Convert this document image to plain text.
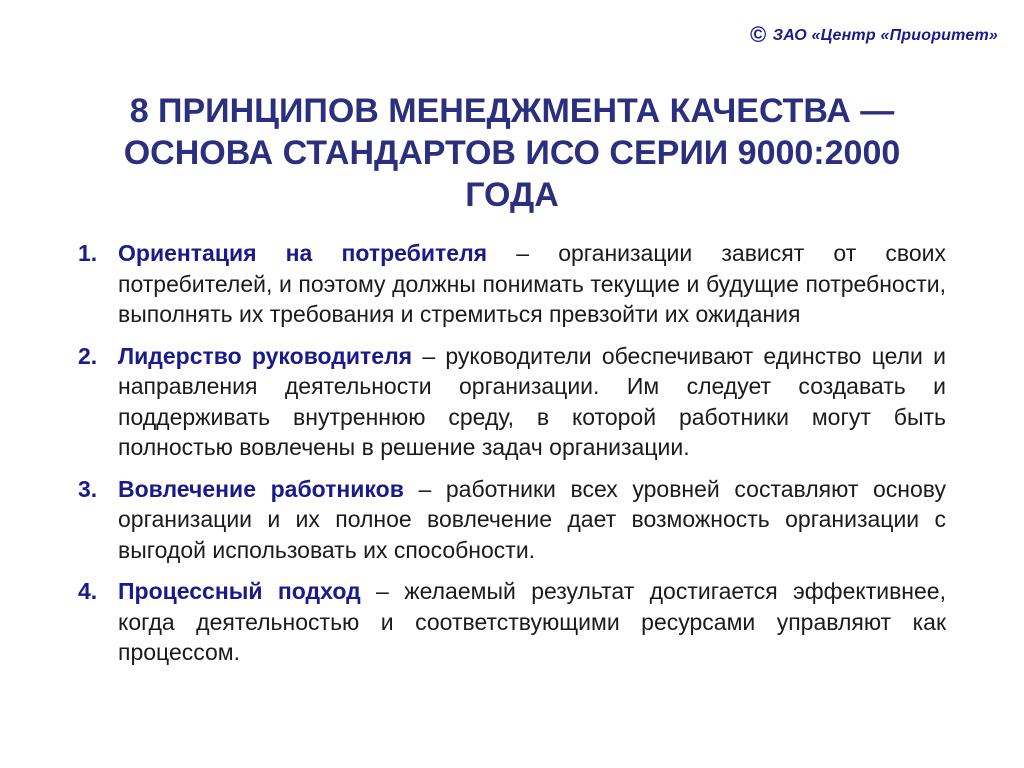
© ЗАО «Центр «Приоритет»
8 ПРИНЦИПОВ МЕНЕДЖМЕНТА КАЧЕСТВА —
ОСНОВА СТАНДАРТОВ ИСО СЕРИИ 9000:2000
ГОДА
1. Ориентация на потребителя – организации зависят от своих потребителей, и поэтому должны понимать текущие и будущие потребности, выполнять их требования и стремиться превзойти их ожидания
2. Лидерство руководителя – руководители обеспечивают единство цели и направления деятельности организации. Им следует создавать и поддерживать внутреннюю среду, в которой работники могут быть полностью вовлечены в решение задач организации.
3. Вовлечение работников – работники всех уровней составляют основу организации и их полное вовлечение дает возможность организации с выгодой использовать их способности.
4. Процессный подход – желаемый результат достигается эффективнее, когда деятельностью и соответствующими ресурсами управляют как процессом.
